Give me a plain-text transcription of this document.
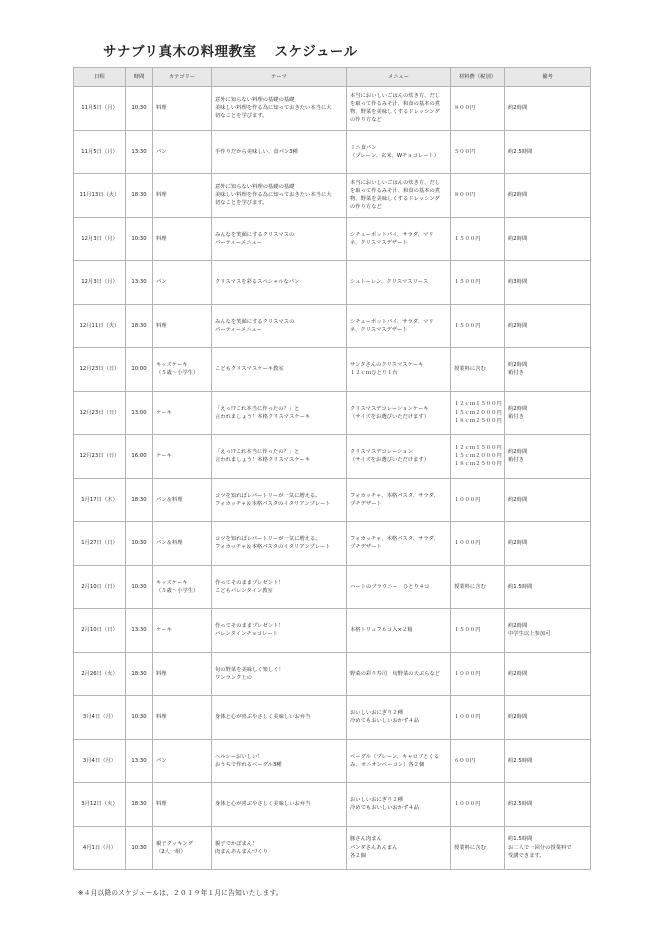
サナブリ真木の料理教室 スケジュール
日程	時間	カテゴリー	テーマ	メニュー	材料費（税別）	備考
11月5日（月）	10:30	料理	意外に知らない料理の基礎の基礎
美味しい料理を作る為に知っておきたい本当に大
切なことを学びます。	本当においしいごはんの炊き方、だし
を取って作るみそ汁、和食の基本の煮
物、野菜を美味しくするドレッシング
の作り方など	８００円	約2時間

11月5日（月）	13:30	パン	手作りだから美味しい、食パン3種	ミニ食パン
（プレーン、玄米、Wチョコレート）	５００円	約2.5時間

11月13日（火）	18:30	料理	意外に知らない料理の基礎の基礎
美味しい料理を作る為に知っておきたい本当に大
切なことを学びます。	本当においしいごはんの炊き方、だし
を取って作るみそ汁、和食の基本の煮
物、野菜を美味しくするドレッシング
の作り方など	８００円	約2時間

12月3日（月）	10:30	料理	みんなを笑顔にするクリスマスの
パーティーメニュー	シチューポットパイ、サラダ、マリ
ネ、クリスマスデザート	１５００円	約2時間

12月3日（月）	13:30	パン	クリスマスを彩るスペシャルなパン	シュトーレン、クリスマスリース	１５００円	約3時間

12月11日（火）	18:30	料理	みんなを笑顔にするクリスマスの
パーティーメニュー	シチューポットパイ、サラダ、マリ
ネ、クリスマスデザート	１５００円	約2時間

12月23日（日）	10:00	キッズケーキ
（５歳～小学生）	こどもクリスマスケーキ教室	サンタさんのクリスマスケーキ
１２ｃｍひとり１台	授業料に含む	約2時間
箱付き

12月23日（日）	13:00	ケーキ	「えっ!?これ本当に作ったの？」と
言われましょう！本格クリスマスケーキ	クリスマスデコレーションケーキ
（サイズをお選びいただけます）	１２ｃｍ１５００円
１５ｃｍ２０００円
１８ｃｍ２５００円	約2時間
箱付き

12月23日（日）	16:00	ケーキ	「えっ!?これ本当に作ったの？」と
言われましょう！本格クリスマスケーキ	クリスマスデコレーション
（サイズをお選びいただけます）	１２ｃｍ１５００円
１５ｃｍ２０００円
１８ｃｍ２５００円	約2時間
箱付き

1月17日（木）	18:30	パン＆料理	コツを知ればレパートリーが一気に増える。
フォカッチャ＆本格パスタのイタリアンプレート	フォカッチャ、本格パスタ、サラダ、
プチデザート	１０００円	約2時間

1月27日（日）	10:30	パン＆料理	コツを知ればレパートリーが一気に増える。
フォカッチャ＆本格パスタのイタリアンプレート	フォカッチャ、本格パスタ、サラダ、
プチデザート	１０００円	約2時間

2月10日（日）	10:30	キッズケーキ
（５歳～小学生）	作ってそのままプレゼント！
こどもバレンタイン教室	ハートのブラウニー　ひとり４コ	授業料に含む	約1.5時間

2月10日（日）	13:30	ケーキ	作ってそのままプレゼント！
バレンタインチョコレート	本格トリュフ６コ入×２箱	１５００円	約2時間
中学生以上参加可

2月26日（火）	18:30	料理	旬の野菜を美味しく楽しく！
ワンランク上の	野菜の彩り寿司　旬野菜の天ぷらなど	１０００円	約2時間

3月4日（月）	10:30	料理	身体と心が喜ぶやさしく美味しいお弁当	おいしいおにぎり２種
冷めてもおいしいおかず４品	１０００円	約2時間

3月4日（月）	13:30	パン	ヘルシーおいしい！
おうちで作れるベーグル3種	ベーグル（プレーン、キャロブとくる
み、オニオンベーコン）各２個	６００円	約2.5時間

3月12日（火）	18:30	料理	身体と心が喜ぶやさしく美味しいお弁当	おいしいおにぎり２種
冷めてもおいしいおかず４品	１０００円	約2.5時間

4月1日（月）	10:30	親子クッキング
（2人一組）	親子でかぽまん！
肉まんあんまんづくり	豚さん肉まん
パンダさんあんまん
各２個	授業料に含む	約1.5時間
お二人で一回分の授業料で
受講できます。
※４月以降のスケジュールは、２０１９年１月に告知いたします。
